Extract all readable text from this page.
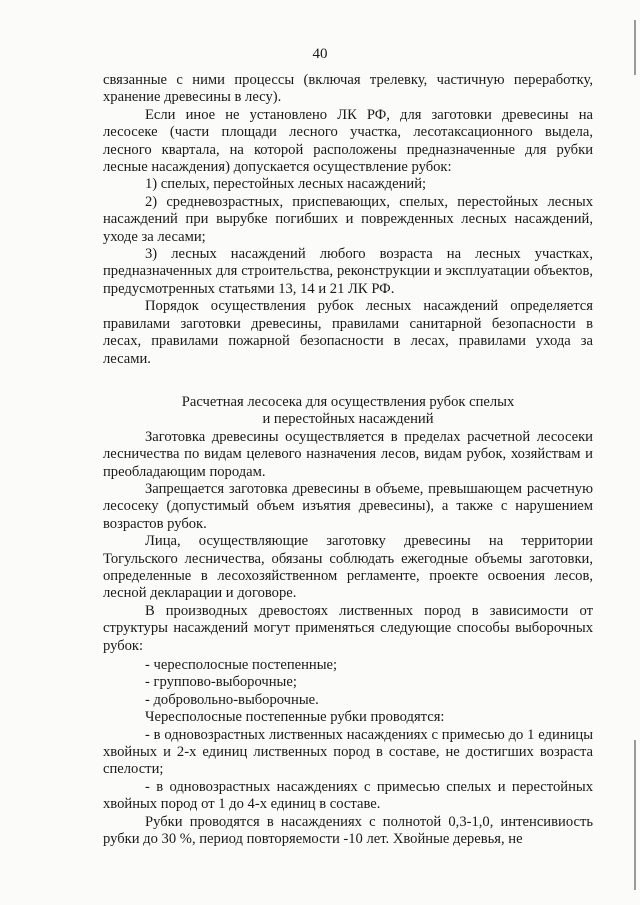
40

связанные с ними процессы (включая трелевку, частичную переработку, хранение древесины в лесу).

Если иное не установлено ЛК РФ, для заготовки древесины на лесосеке (части площади лесного участка, лесотаксационного выдела, лесного квартала, на которой расположены предназначенные для рубки лесные насаждения) допускается осуществление рубок:

1) спелых, перестойных лесных насаждений;

2) средневозрастных, приспевающих, спелых, перестойных лесных насаждений при вырубке погибших и поврежденных лесных насаждений, уходе за лесами;

3) лесных насаждений любого возраста на лесных участках, предназначенных для строительства, реконструкции и эксплуатации объектов, предусмотренных статьями 13, 14 и 21 ЛК РФ.

Порядок осуществления рубок лесных насаждений определяется правилами заготовки древесины, правилами санитарной безопасности в лесах, правилами пожарной безопасности в лесах, правилами ухода за лесами.

Расчетная лесосека для осуществления рубок спелых
и перестойных насаждений

Заготовка древесины осуществляется в пределах расчетной лесосеки лесничества по видам целевого назначения лесов, видам рубок, хозяйствам и преобладающим породам.

Запрещается заготовка древесины в объеме, превышающем расчетную лесосеку (допустимый объем изъятия древесины), а также с нарушением возрастов рубок.

Лица, осуществляющие заготовку древесины на территории Тогульского лесничества, обязаны соблюдать ежегодные объемы заготовки, определенные в лесохозяйственном регламенте, проекте освоения лесов, лесной декларации и договоре.

В производных древостоях лиственных пород в зависимости от структуры насаждений могут применяться следующие способы выборочных рубок:

- чересполосные постепенные;

- группово-выборочные;

- добровольно-выборочные.

Чересполосные постепенные рубки проводятся:

- в одновозрастных лиственных насаждениях с примесью до 1 единицы хвойных и 2-х единиц лиственных пород в составе, не достигших возраста спелости;

- в одновозрастных насаждениях с примесью спелых и перестойных хвойных пород от 1 до 4-х единиц в составе.

Рубки проводятся в насаждениях с полнотой 0,3-1,0, интенсивиость рубки до 30 %, период повторяемости -10 лет. Хвойные деревья, не
